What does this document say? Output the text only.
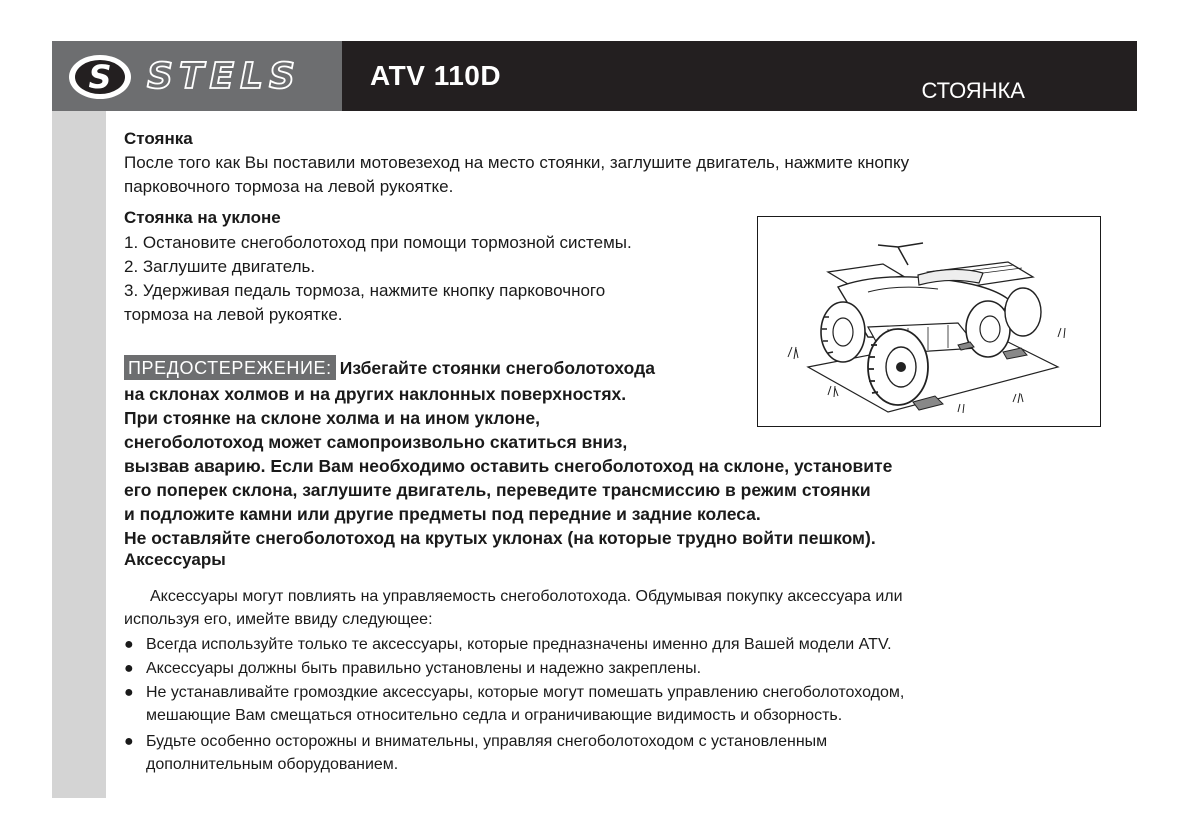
S STELS ATV 110D	СТОЯНКА
Стоянка
После того как Вы поставили мотовезеход на место стоянки, заглушите двигатель, нажмите кнопку
парковочного тормоза на левой рукоятке.
Стоянка на уклоне
1. Остановите снегоболотоход при помощи тормозной системы.
2. Заглушите двигатель.
3. Удерживая педаль тормоза, нажмите кнопку парковочного
тормоза на левой рукоятке.
ПРЕДОСТЕРЕЖЕНИЕ: Избегайте стоянки снегоболотохода
на склонах холмов и на других наклонных поверхностях.
При стоянке на склоне холма и на ином уклоне,
снегоболотоход может самопроизвольно скатиться вниз,
вызвав аварию. Если Вам необходимо оставить снегоболотоход на склоне, установите
его поперек склона, заглушите двигатель, переведите трансмиссию в режим стоянки
и подложите камни или другие предметы под передние и задние колеса.
Не оставляйте снегоболотоход на крутых уклонах (на которые трудно войти пешком).
Аксессуары
Аксессуары могут повлиять на управляемость снегоболотохода. Обдумывая покупку аксессуара или
используя его, имейте ввиду следующее:
● Всегда используйте только те аксессуары, которые предназначены именно для Вашей модели ATV.
● Аксессуары должны быть правильно установлены и надежно закреплены.
● Не устанавливайте громоздкие аксессуары, которые могут помешать управлению снегоболотоходом,
мешающие Вам смещаться относительно седла и ограничивающие видимость и обзорность.
● Будьте особенно осторожны и внимательны, управляя снегоболотоходом с установленным
дополнительным оборудованием.
